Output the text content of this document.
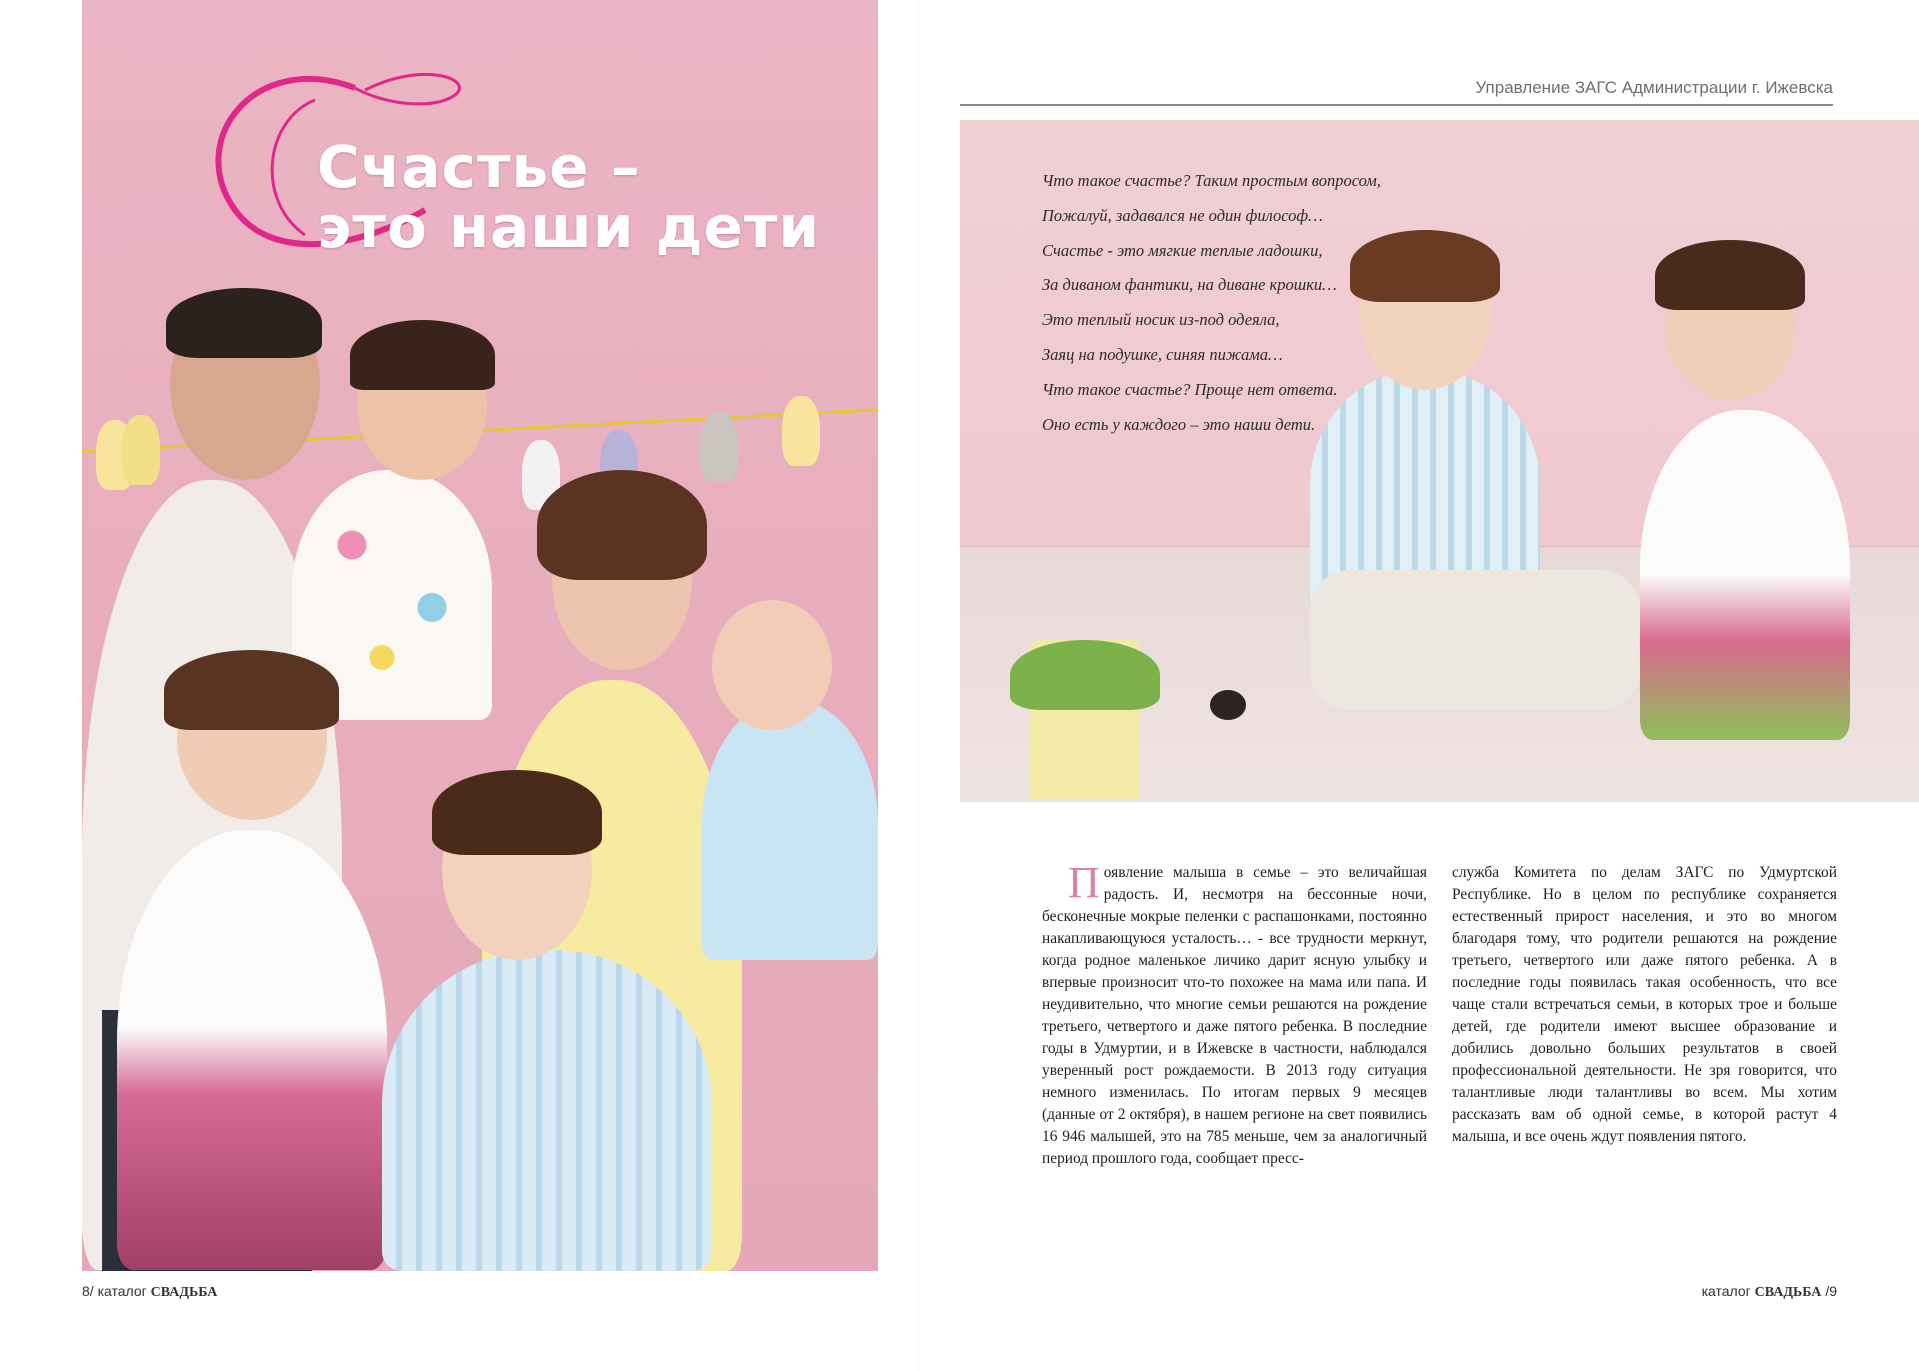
Счастье –
это наши дети
8/ каталог СВАДЬБА
Управление ЗАГС Администрации г. Ижевска
Что такое счастье? Таким простым вопросом,
Пожалуй, задавался не один философ…
Счастье - это мягкие теплые ладошки,
За диваном фантики, на диване крошки…
Это теплый носик из-под одеяла,
Заяц на подушке, синяя пижама…
Что такое счастье? Проще нет ответа.
Оно есть у каждого – это наши дети.
Появление малыша в семье – это величайшая радость. И, несмотря на бессонные ночи, бесконечные мокрые пеленки с распашонками, постоянно накапливающуюся усталость… - все трудности меркнут, когда родное маленькое личико дарит ясную улыбку и впервые произносит что-то похожее на мама или папа. И неудивительно, что многие семьи решаются на рождение третьего, четвертого и даже пятого ребенка. В последние годы в Удмуртии, и в Ижевске в частности, наблюдался уверенный рост рождаемости. В 2013 году ситуация немного изменилась. По итогам первых 9 месяцев (данные от 2 октября), в нашем регионе на свет появились 16 946 малышей, это на 785 меньше, чем за аналогичный период прошлого года, сообщает пресс-
служба Комитета по делам ЗАГС по Удмуртской Республике. Но в целом по республике сохраняется естественный прирост населения, и это во многом благодаря тому, что родители решаются на рождение третьего, четвертого или даже пятого ребенка. А в последние годы появилась такая особенность, что все чаще стали встречаться семьи, в которых трое и больше детей, где родители имеют высшее образование и добились довольно больших результатов в своей профессиональной деятельности. Не зря говорится, что талантливые люди талантливы во всем. Мы хотим рассказать вам об одной семье, в которой растут 4 малыша, и все очень ждут появления пятого.
каталог СВАДЬБА /9
